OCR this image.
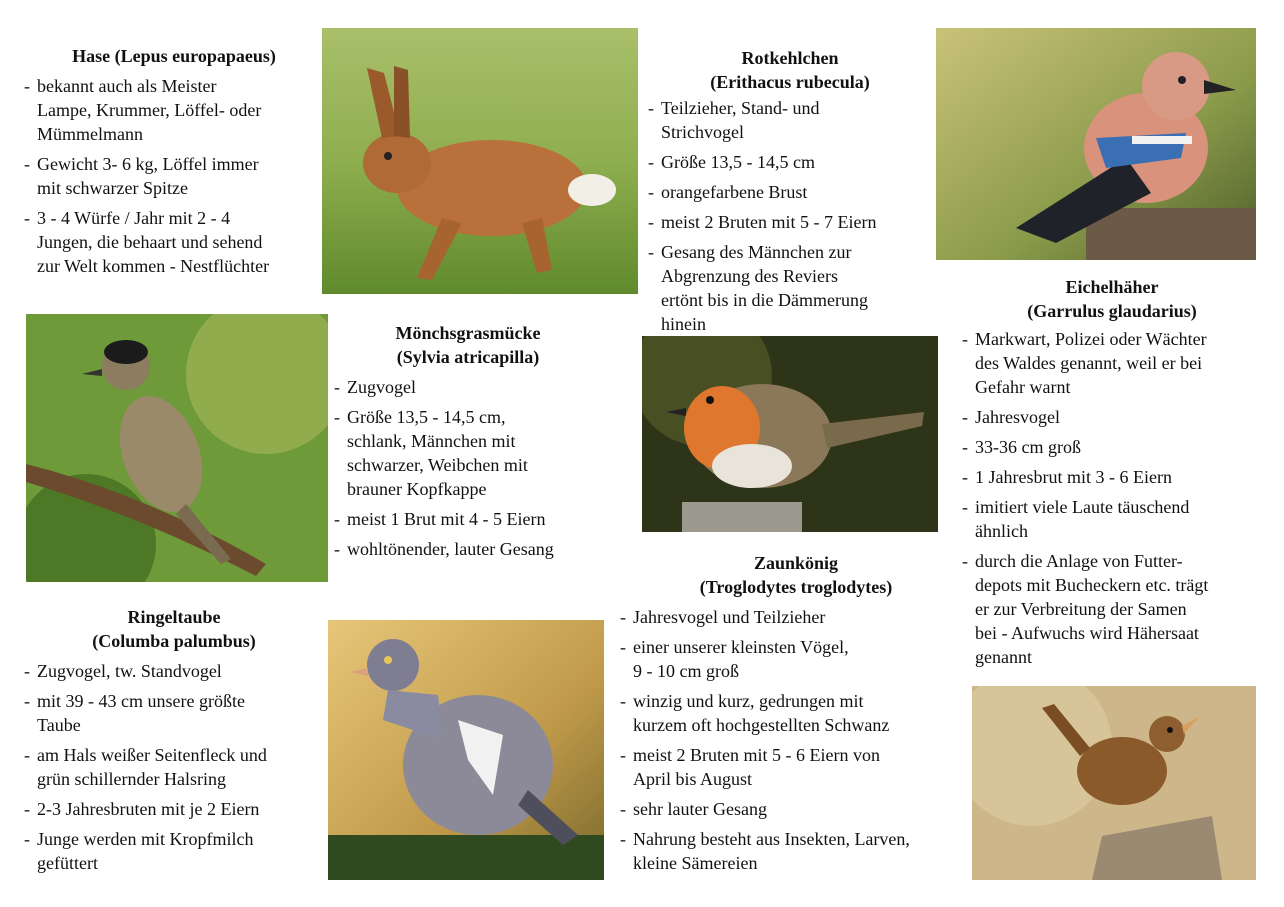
Hase (Lepus europapaeus)
- bekannt auch als Meister
Lampe, Krummer, Löffel- oder
Mümmelmann
- Gewicht 3- 6 kg, Löffel immer
mit schwarzer Spitze
- 3 - 4 Würfe / Jahr mit 2 - 4
Jungen, die behaart und sehend
zur Welt kommen - Nestflüchter
Rotkehlchen
(Erithacus rubecula)
- Teilzieher, Stand- und
Strichvogel
- Größe 13,5 - 14,5 cm
- orangefarbene Brust
- meist 2 Bruten mit 5 - 7 Eiern
- Gesang des Männchen zur
Abgrenzung des Reviers
ertönt bis in die Dämmerung
hinein
Mönchsgrasmücke
(Sylvia atricapilla)
- Zugvogel
- Größe 13,5 - 14,5 cm,
schlank, Männchen mit
schwarzer, Weibchen mit
brauner Kopfkappe
- meist 1 Brut mit 4 - 5 Eiern
- wohltönender, lauter Gesang
Eichelhäher
(Garrulus glaudarius)
- Markwart, Polizei oder Wächter
des Waldes genannt, weil er bei
Gefahr warnt
- Jahresvogel
- 33-36 cm groß
- 1 Jahresbrut mit 3 - 6 Eiern
- imitiert viele Laute täuschend
ähnlich
- durch die Anlage von Futter-
depots mit Bucheckern etc. trägt
er zur Verbreitung der Samen
bei - Aufwuchs wird Hähersaat
genannt
Ringeltaube
(Columba palumbus)
- Zugvogel, tw. Standvogel
- mit 39 - 43 cm unsere größte
Taube
- am Hals weißer Seitenfleck und
grün schillernder Halsring
- 2-3 Jahresbruten mit je 2 Eiern
- Junge werden mit Kropfmilch
gefüttert
Zaunkönig
(Troglodytes troglodytes)
- Jahresvogel und Teilzieher
- einer unserer kleinsten Vögel,
9 - 10 cm groß
- winzig und kurz, gedrungen mit
kurzem oft hochgestellten Schwanz
- meist 2 Bruten mit 5 - 6 Eiern von
April bis August
- sehr lauter Gesang
- Nahrung besteht aus Insekten, Larven,
kleine Sämereien
